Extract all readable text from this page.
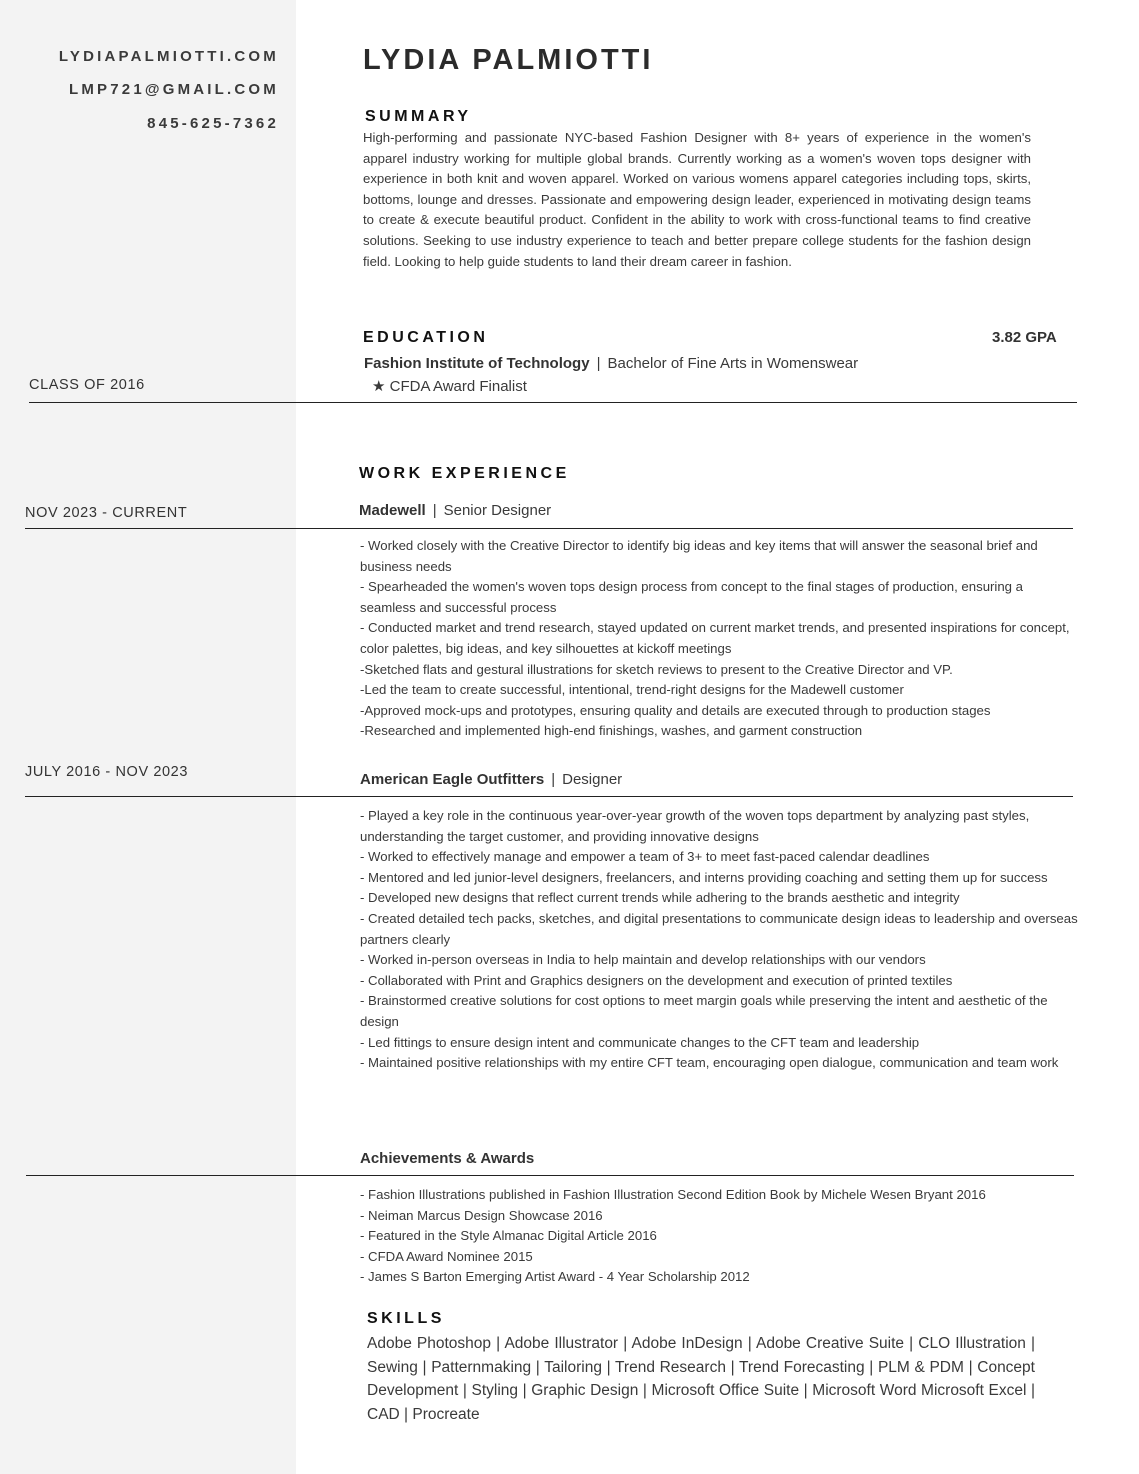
LYDIAPALMIOTTI.COM
LMP721@GMAIL.COM
845-625-7362
LYDIA PALMIOTTI
SUMMARY

High-performing and passionate NYC-based Fashion Designer with 8+ years of experience in the women's apparel industry working for multiple global brands. Currently working as a women's woven tops designer with experience in both knit and woven apparel. Worked on various womens apparel categories including tops, skirts, bottoms, lounge and dresses. Passionate and empowering design leader, experienced in motivating design teams to create & execute beautiful product. Confident in the ability to work with cross-functional teams to find creative solutions. Seeking to use industry experience to teach and better prepare college students for the fashion design field. Looking to help guide students to land their dream career in fashion.

EDUCATION	3.82 GPA
Fashion Institute of Technology | Bachelor of Fine Arts in Womenswear
★ CFDA Award Finalist
CLASS OF 2016
WORK EXPERIENCE
NOV 2023 - CURRENT	Madewell | Senior Designer
- Worked closely with the Creative Director to identify big ideas and key items that will answer the seasonal brief and business needs
- Spearheaded the women's woven tops design process from concept to the final stages of production, ensuring a seamless and successful process
- Conducted market and trend research, stayed updated on current market trends, and presented inspirations for concept, color palettes, big ideas, and key silhouettes at kickoff meetings
-Sketched flats and gestural illustrations for sketch reviews to present to the Creative Director and VP.
-Led the team to create successful, intentional, trend-right designs for the Madewell customer
-Approved mock-ups and prototypes, ensuring quality and details are executed through to production stages
-Researched and implemented high-end finishings, washes, and garment construction
JULY 2016 - NOV 2023	American Eagle Outfitters | Designer
- Played a key role in the continuous year-over-year growth of the woven tops department by analyzing past styles, understanding the target customer, and providing innovative designs
- Worked to effectively manage and empower a team of 3+ to meet fast-paced calendar deadlines
- Mentored and led junior-level designers, freelancers, and interns providing coaching and setting them up for success
- Developed new designs that reflect current trends while adhering to the brands aesthetic and integrity
- Created detailed tech packs, sketches, and digital presentations to communicate design ideas to leadership and overseas partners clearly
- Worked in-person overseas in India to help maintain and develop relationships with our vendors
- Collaborated with Print and Graphics designers on the development and execution of printed textiles
- Brainstormed creative solutions for cost options to meet margin goals while preserving the intent and aesthetic of the design
- Led fittings to ensure design intent and communicate changes to the CFT team and leadership
- Maintained positive relationships with my entire CFT team, encouraging open dialogue, communication and team work
Achievements & Awards
- Fashion Illustrations published in Fashion Illustration Second Edition Book by Michele Wesen Bryant 2016
- Neiman Marcus Design Showcase 2016
- Featured in the Style Almanac Digital Article 2016
- CFDA Award Nominee 2015
- James S Barton Emerging Artist Award - 4 Year Scholarship 2012
SKILLS

Adobe Photoshop | Adobe Illustrator | Adobe InDesign | Adobe Creative Suite | CLO Illustration | Sewing | Patternmaking | Tailoring | Trend Research | Trend Forecasting | PLM & PDM | Concept Development | Styling | Graphic Design | Microsoft Office Suite | Microsoft Word Microsoft Excel | CAD | Procreate
